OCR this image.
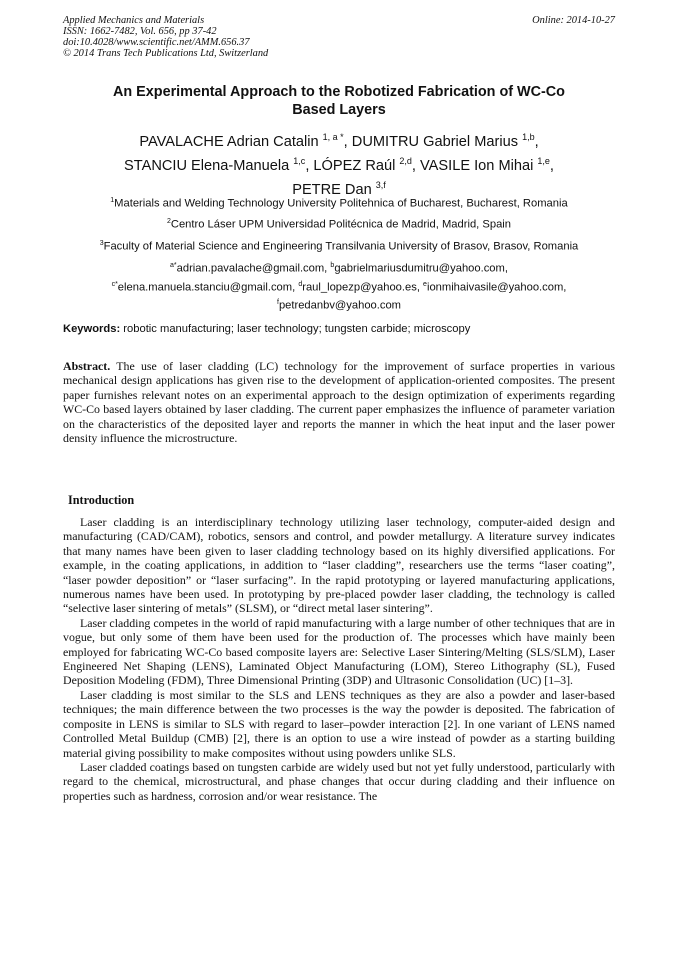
Applied Mechanics and Materials
ISSN: 1662-7482, Vol. 656, pp 37-42
doi:10.4028/www.scientific.net/AMM.656.37
© 2014 Trans Tech Publications Ltd, Switzerland
Online: 2014-10-27
An Experimental Approach to the Robotized Fabrication of WC-Co
Based Layers
PAVALACHE Adrian Catalin $^{1, a *}$, DUMITRU Gabriel Marius $^{1,b}$,
STANCIU Elena-Manuela $^{1,c}$, LÓPEZ Raúl $^{2,d}$, VASILE Ion Mihai $^{1,e}$,
PETRE Dan $^{3,f}$
$^1$Materials and Welding Technology University Politehnica of Bucharest, Bucharest, Romania
$^2$Centro Láser UPM Universidad Politécnica de Madrid, Madrid, Spain
$^3$Faculty of Material Science and Engineering Transilvania University of Brasov, Brasov, Romania
$^{a*}$adrian.pavalache@gmail.com, $^b$gabrielmariusdumitru@yahoo.com,
$^{c*}$elena.manuela.stanciu@gmail.com, $^d$raul_lopezp@yahoo.es, $^e$ionmihaivasile@yahoo.com,
$^f$petredanbv@yahoo.com
Keywords: robotic manufacturing; laser technology; tungsten carbide; microscopy
Abstract. The use of laser cladding (LC) technology for the improvement of surface properties in various mechanical design applications has given rise to the development of application-oriented composites. The present paper furnishes relevant notes on an experimental approach to the design optimization of experiments regarding WC-Co based layers obtained by laser cladding. The current paper emphasizes the influence of parameter variation on the characteristics of the deposited layer and reports the manner in which the heat input and the laser power density influence the microstructure.
Introduction

Laser cladding is an interdisciplinary technology utilizing laser technology, computer-aided design and manufacturing (CAD/CAM), robotics, sensors and control, and powder metallurgy. A literature survey indicates that many names have been given to laser cladding technology based on its highly diversified applications. For example, in the coating applications, in addition to “laser cladding”, researchers use the terms “laser coating”, “laser powder deposition” or “laser surfacing”. In the rapid prototyping or layered manufacturing applications, numerous names have been used. In prototyping by pre-placed powder laser cladding, the technology is called “selective laser sintering of metals” (SLSM), or “direct metal laser sintering”.

Laser cladding competes in the world of rapid manufacturing with a large number of other techniques that are in vogue, but only some of them have been used for the production of. The processes which have mainly been employed for fabricating WC-Co based composite layers are: Selective Laser Sintering/Melting (SLS/SLM), Laser Engineered Net Shaping (LENS), Laminated Object Manufacturing (LOM), Stereo Lithography (SL), Fused Deposition Modeling (FDM), Three Dimensional Printing (3DP) and Ultrasonic Consolidation (UC) [1–3].

Laser cladding is most similar to the SLS and LENS techniques as they are also a powder and laser-based techniques; the main difference between the two processes is the way the powder is deposited. The fabrication of composite in LENS is similar to SLS with regard to laser–powder interaction [2]. In one variant of LENS named Controlled Metal Buildup (CMB) [2], there is an option to use a wire instead of powder as a starting building material giving possibility to make composites without using powders unlike SLS.

Laser cladded coatings based on tungsten carbide are widely used but not yet fully understood, particularly with regard to the chemical, microstructural, and phase changes that occur during cladding and their influence on properties such as hardness, corrosion and/or wear resistance. The
